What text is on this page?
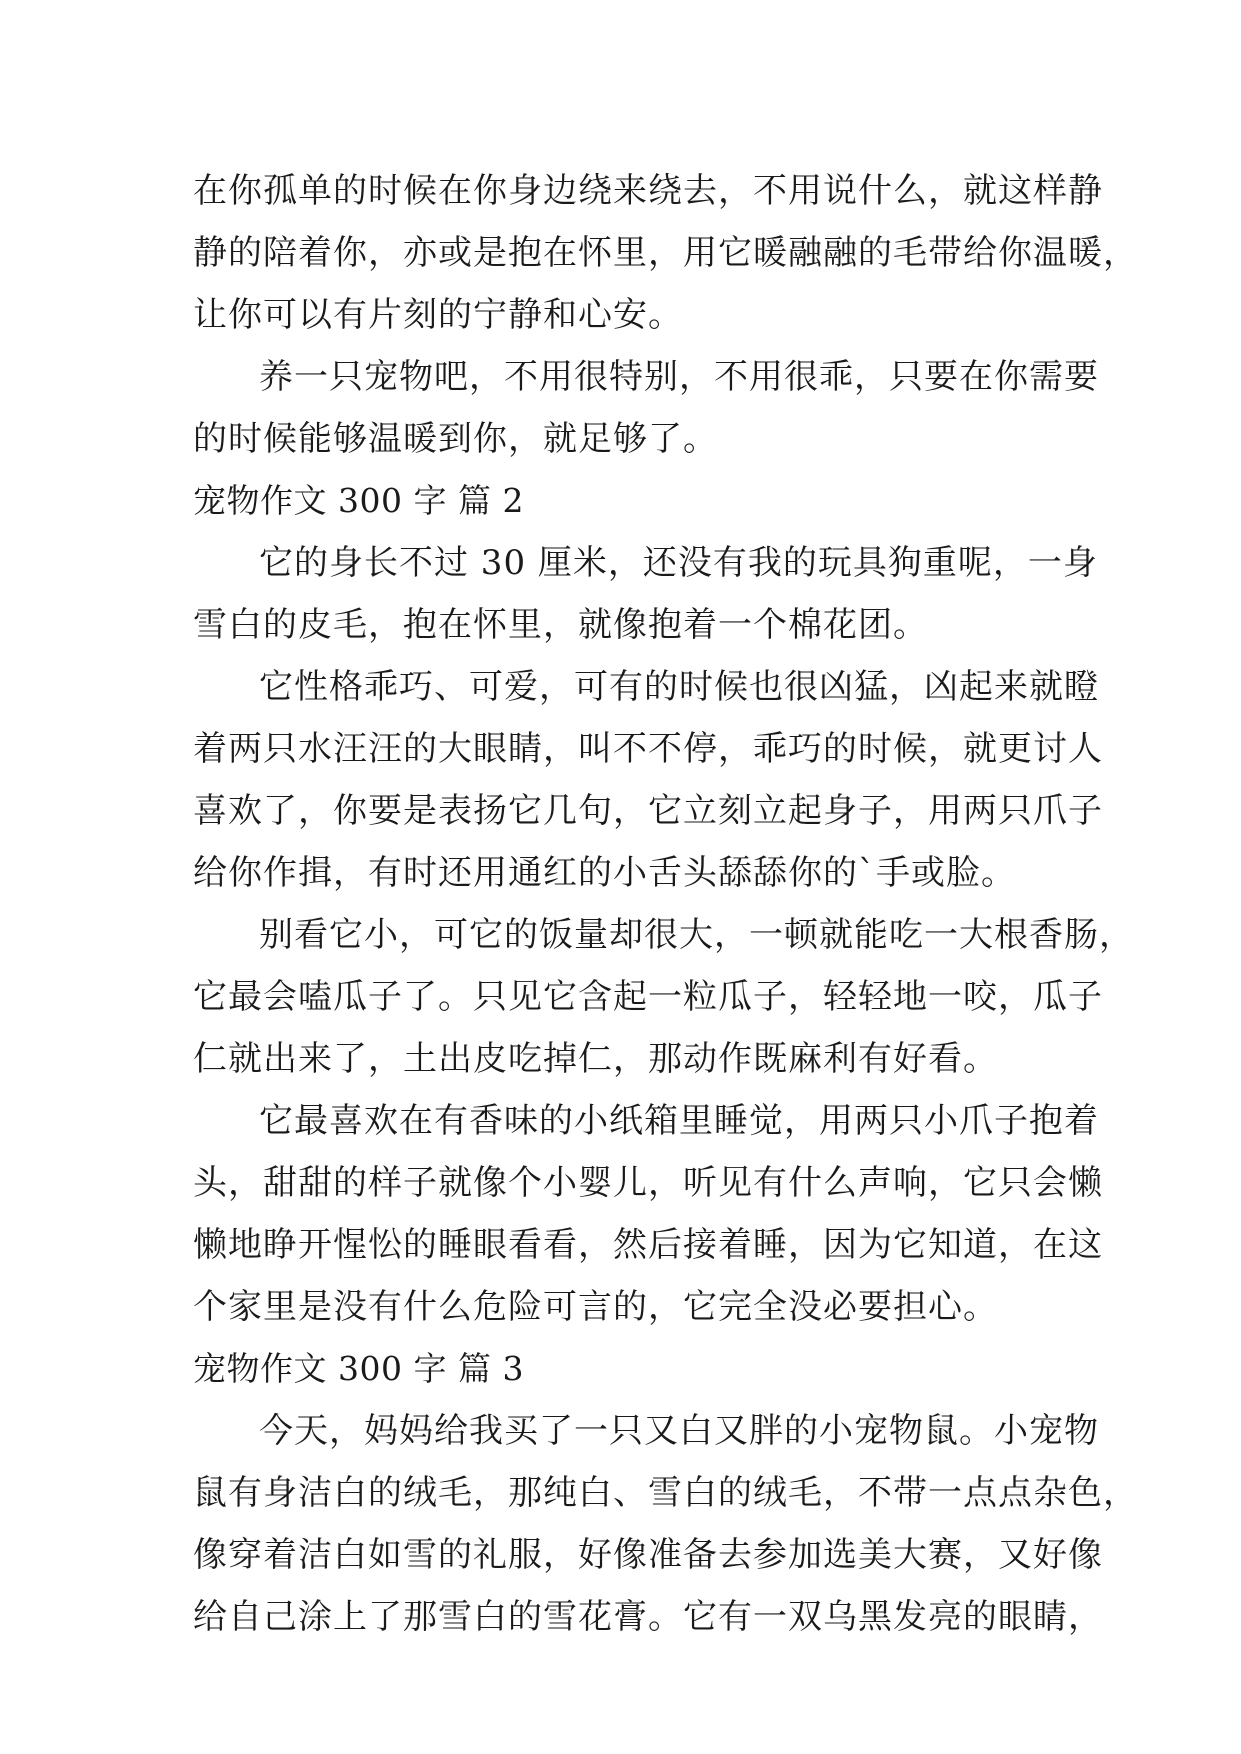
在你孤单的时候在你身边绕来绕去，不用说什么，就这样静
静的陪着你，亦或是抱在怀里，用它暖融融的毛带给你温暖，
让你可以有片刻的宁静和心安。
养一只宠物吧，不用很特别，不用很乖，只要在你需要
的时候能够温暖到你，就足够了。
宠物作文 300 字 篇 2
它的身长不过 30 厘米，还没有我的玩具狗重呢，一身
雪白的皮毛，抱在怀里，就像抱着一个棉花团。
它性格乖巧、可爱，可有的时候也很凶猛，凶起来就瞪
着两只水汪汪的大眼睛，叫不不停，乖巧的时候，就更讨人
喜欢了，你要是表扬它几句，它立刻立起身子，用两只爪子
给你作揖，有时还用通红的小舌头舔舔你的`手或脸。
别看它小，可它的饭量却很大，一顿就能吃一大根香肠，
它最会嗑瓜子了。只见它含起一粒瓜子，轻轻地一咬，瓜子
仁就出来了，土出皮吃掉仁，那动作既麻利有好看。
它最喜欢在有香味的小纸箱里睡觉，用两只小爪子抱着
头，甜甜的样子就像个小婴儿，听见有什么声响，它只会懒
懒地睁开惺忪的睡眼看看，然后接着睡，因为它知道，在这
个家里是没有什么危险可言的，它完全没必要担心。
宠物作文 300 字 篇 3
今天，妈妈给我买了一只又白又胖的小宠物鼠。小宠物
鼠有身洁白的绒毛，那纯白、雪白的绒毛，不带一点点杂色，
像穿着洁白如雪的礼服，好像准备去参加选美大赛，又好像
给自己涂上了那雪白的雪花膏。它有一双乌黑发亮的眼睛，
